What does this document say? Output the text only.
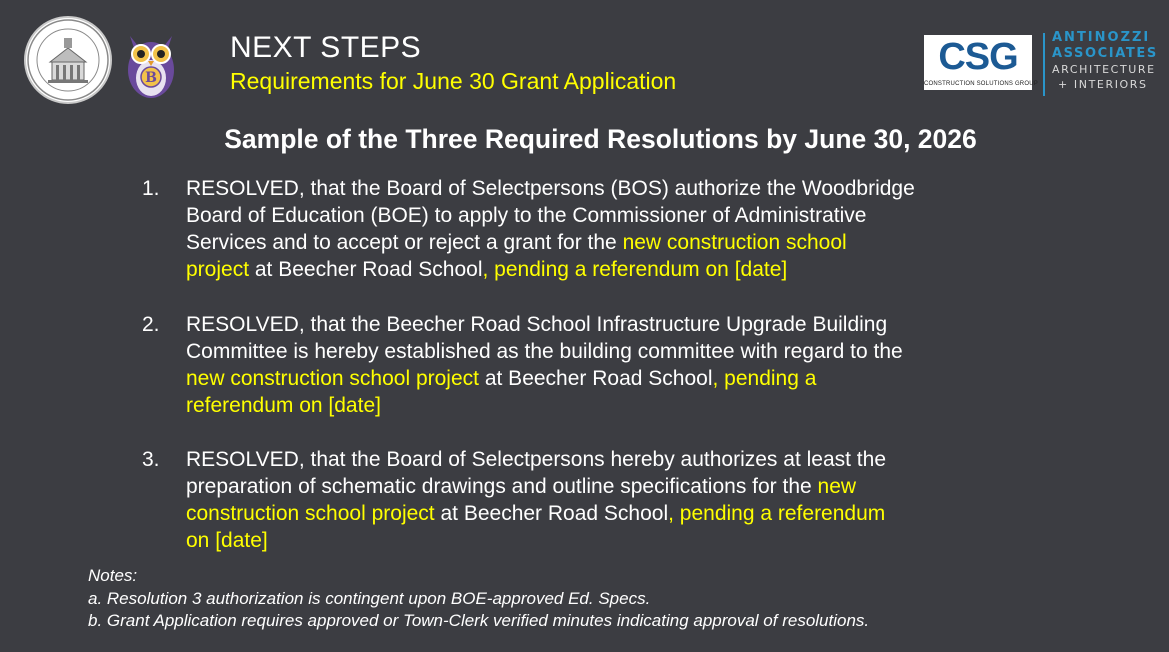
B
NEXT STEPS
Requirements for June 30 Grant Application
CSG
CONSTRUCTION SOLUTIONS GROUP
ANTINOZZI
ASSOCIATES
ARCHITECTURE
+ INTERIORS
Sample of the Three Required Resolutions by June 30, 2026
1. RESOLVED, that the Board of Selectpersons (BOS) authorize the Woodbridge
Board of Education (BOE) to apply to the Commissioner of Administrative
Services and to accept or reject a grant for the new construction school
project at Beecher Road School, pending a referendum on [date]
2. RESOLVED, that the Beecher Road School Infrastructure Upgrade Building
Committee is hereby established as the building committee with regard to the
new construction school project at Beecher Road School, pending a
referendum on [date]
3. RESOLVED, that the Board of Selectpersons hereby authorizes at least the
preparation of schematic drawings and outline specifications for the new
construction school project at Beecher Road School, pending a referendum
on [date]
Notes:
a. Resolution 3 authorization is contingent upon BOE-approved Ed. Specs.
b. Grant Application requires approved or Town-Clerk verified minutes indicating approval of resolutions.
